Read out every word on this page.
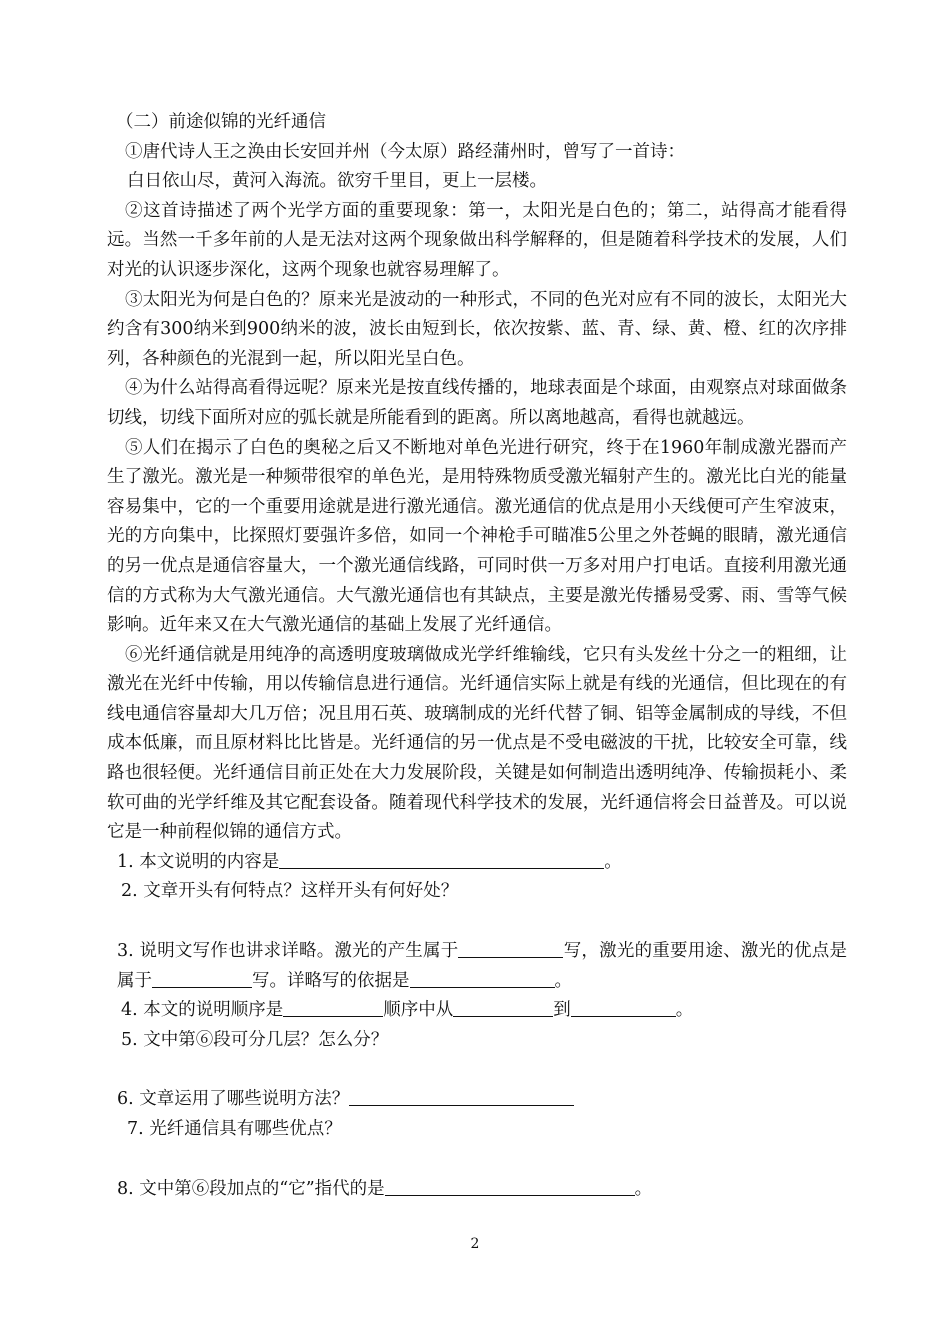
（二）前途似锦的光纤通信

①唐代诗人王之涣由长安回并州（今太原）路经蒲州时，曾写了一首诗：

白日依山尽，黄河入海流。欲穷千里目，更上一层楼。

②这首诗描述了两个光学方面的重要现象：第一，太阳光是白色的；第二，站得高才能看得远。当然一千多年前的人是无法对这两个现象做出科学解释的，但是随着科学技术的发展，人们对光的认识逐步深化，这两个现象也就容易理解了。

③太阳光为何是白色的？原来光是波动的一种形式，不同的色光对应有不同的波长，太阳光大约含有300纳米到900纳米的波，波长由短到长，依次按紫、蓝、青、绿、黄、橙、红的次序排列，各种颜色的光混到一起，所以阳光呈白色。

④为什么站得高看得远呢？原来光是按直线传播的，地球表面是个球面，由观察点对球面做条切线，切线下面所对应的弧长就是所能看到的距离。所以离地越高，看得也就越远。

⑤人们在揭示了白色的奥秘之后又不断地对单色光进行研究，终于在1960年制成激光器而产生了激光。激光是一种频带很窄的单色光，是用特殊物质受激光辐射产生的。激光比白光的能量容易集中，它的一个重要用途就是进行激光通信。激光通信的优点是用小天线便可产生窄波束，光的方向集中，比探照灯要强许多倍，如同一个神枪手可瞄准5公里之外苍蝇的眼睛，激光通信的另一优点是通信容量大，一个激光通信线路，可同时供一万多对用户打电话。直接利用激光通信的方式称为大气激光通信。大气激光通信也有其缺点，主要是激光传播易受雾、雨、雪等气候影响。近年来又在大气激光通信的基础上发展了光纤通信。

⑥光纤通信就是用纯净的高透明度玻璃做成光学纤维输线，它只有头发丝十分之一的粗细，让激光在光纤中传输，用以传输信息进行通信。光纤通信实际上就是有线的光通信，但比现在的有线电通信容量却大几万倍；况且用石英、玻璃制成的光纤代替了铜、铝等金属制成的导线，不但成本低廉，而且原材料比比皆是。光纤通信的另一优点是不受电磁波的干扰，比较安全可靠，线路也很轻便。光纤通信目前正处在大力发展阶段，关键是如何制造出透明纯净、传输损耗小、柔软可曲的光学纤维及其它配套设备。随着现代科学技术的发展，光纤通信将会日益普及。可以说它是一种前程似锦的通信方式。

1. 本文说明的内容是	。

2. 文章开头有何特点？这样开头有何好处？

3. 说明文写作也讲求详略。激光的产生属于	写，激光的重要用途、激光的优点是属于	写。详略写的依据是	。

4. 本文的说明顺序是	顺序中从	到	。

5. 文中第⑥段可分几层？怎么分？

6. 文章运用了哪些说明方法？

7. 光纤通信具有哪些优点？

8. 文中第⑥段加点的“它”指代的是	。

2
